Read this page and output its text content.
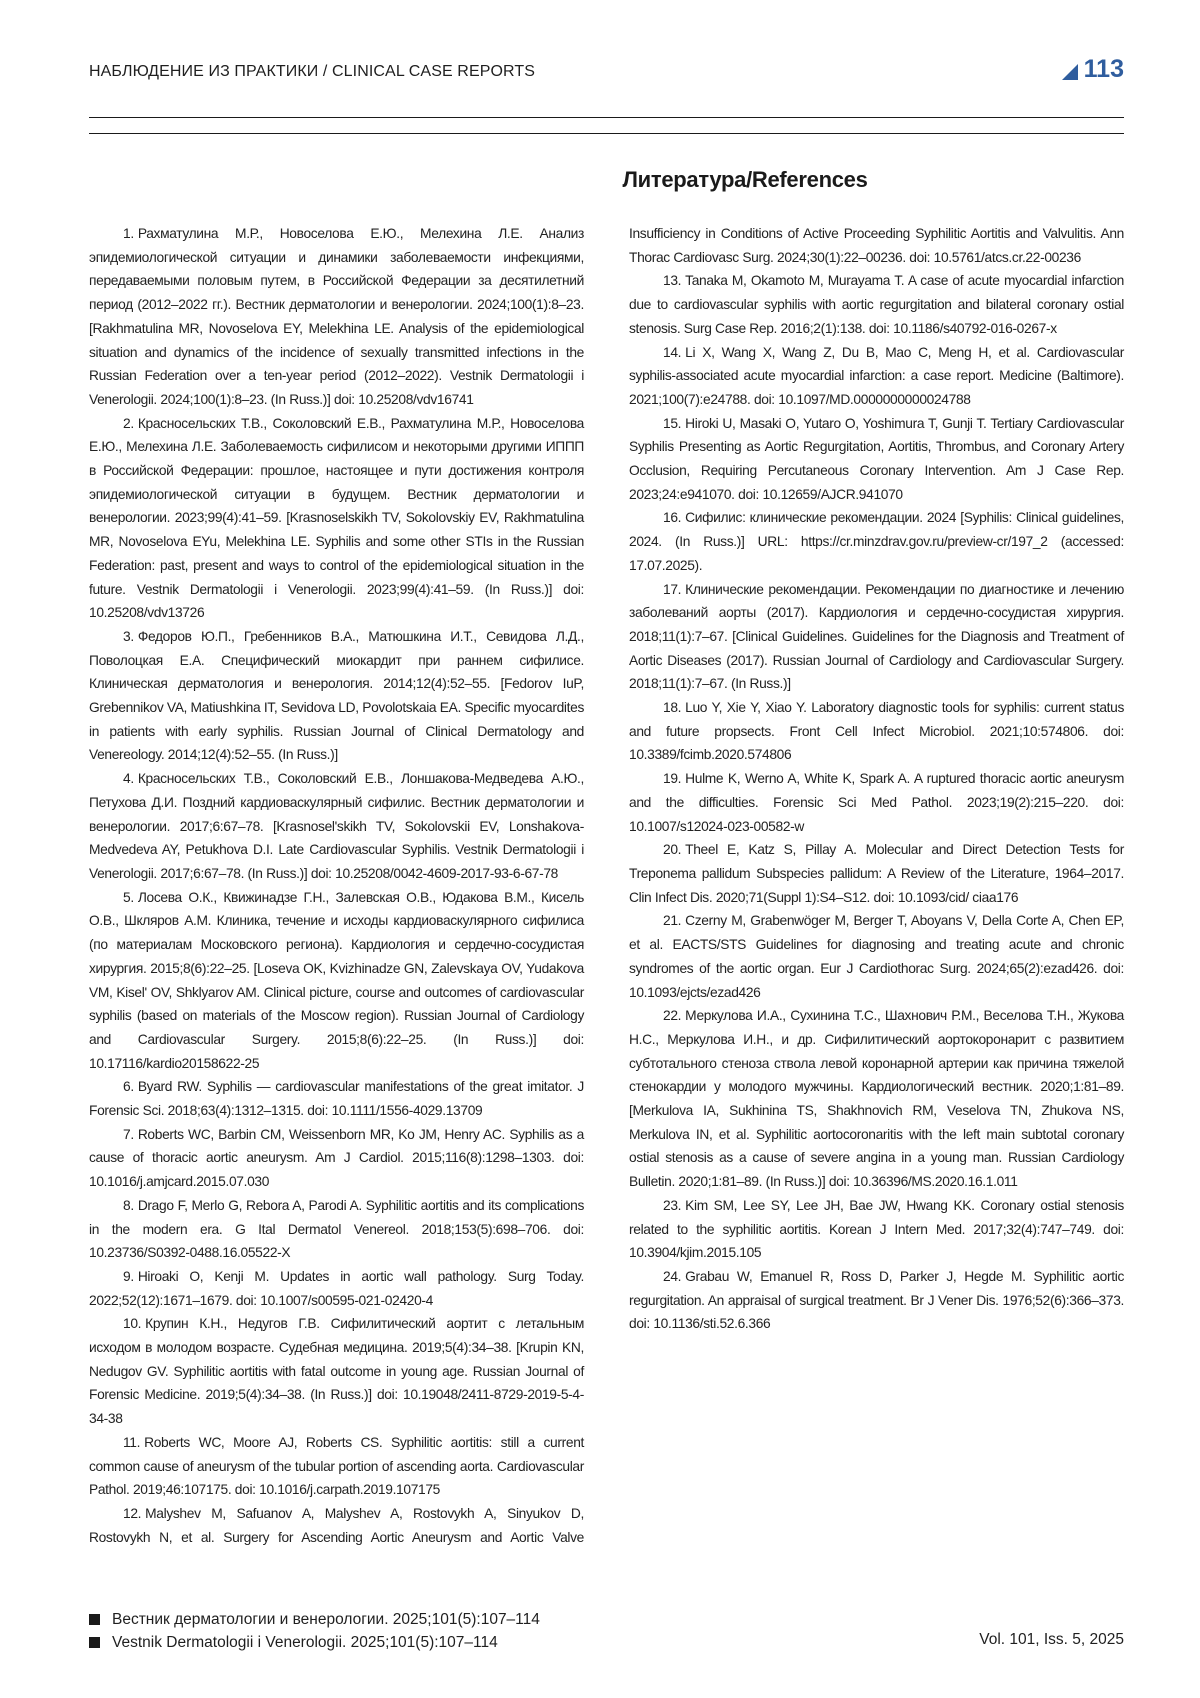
НАБЛЮДЕНИЕ ИЗ ПРАКТИКИ / CLINICAL CASE REPORTS	113
Литература/References

1. Рахматулина М.Р., Новоселова Е.Ю., Мелехина Л.Е. Анализ эпидемиологической ситуации и динамики заболеваемости инфекциями, передаваемыми половым путем, в Российской Федерации за десятилетний период (2012–2022 гг.). Вестник дерматологии и венерологии. 2024;100(1):8–23. [Rakhmatulina MR, Novoselova EY, Melekhina LE. Analysis of the epidemiological situation and dynamics of the incidence of sexually transmitted infections in the Russian Federation over a ten-year period (2012–2022). Vestnik Dermatologii i Venerologii. 2024;100(1):8–23. (In Russ.)] doi: 10.25208/vdv16741

2. Красносельских Т.В., Соколовский Е.В., Рахматулина М.Р., Новоселова Е.Ю., Мелехина Л.Е. Заболеваемость сифилисом и некоторыми другими ИППП в Российской Федерации: прошлое, настоящее и пути достижения контроля эпидемиологической ситуации в будущем. Вестник дерматологии и венерологии. 2023;99(4):41–59. [Krasnoselskikh TV, Sokolovskiy EV, Rakhmatulina MR, Novoselova EYu, Melekhina LE. Syphilis and some other STIs in the Russian Federation: past, present and ways to control of the epidemiological situation in the future. Vestnik Dermatologii i Venerologii. 2023;99(4):41–59. (In Russ.)] doi: 10.25208/vdv13726

3. Федоров Ю.П., Гребенников В.А., Матюшкина И.Т., Севидова Л.Д., Поволоцкая Е.А. Специфический миокардит при раннем сифилисе. Клиническая дерматология и венерология. 2014;12(4):52–55. [Fedorov IuP, Grebennikov VA, Matiushkina IT, Sevidova LD, Povolotskaia EA. Specific myocardites in patients with early syphilis. Russian Journal of Clinical Dermatology and Venereology. 2014;12(4):52–55. (In Russ.)]

4. Красносельских Т.В., Соколовский Е.В., Лоншакова-Медведева А.Ю., Петухова Д.И. Поздний кардиоваскулярный сифилис. Вестник дерматологии и венерологии. 2017;6:67–78. [Krasnosel'skikh TV, Sokolovskii EV, Lonshakova-Medvedeva AY, Petukhova D.I. Late Cardiovascular Syphilis. Vestnik Dermatologii i Venerologii. 2017;6:67–78. (In Russ.)] doi: 10.25208/0042-4609-2017-93-6-67-78

5. Лосева О.К., Квижинадзе Г.Н., Залевская О.В., Юдакова В.М., Кисель О.В., Шкляров А.М. Клиника, течение и исходы кардиоваскулярного сифилиса (по материалам Московского региона). Кардиология и сердечно-сосудистая хирургия. 2015;8(6):22–25. [Loseva OK, Kvizhinadze GN, Zalevskaya OV, Yudakova VM, Kisel' OV, Shklyarov AM. Clinical picture, course and outcomes of cardiovascular syphilis (based on materials of the Moscow region). Russian Journal of Cardiology and Cardiovascular Surgery. 2015;8(6):22–25. (In Russ.)] doi: 10.17116/kardio20158622-25

6. Byard RW. Syphilis — cardiovascular manifestations of the great imitator. J Forensic Sci. 2018;63(4):1312–1315. doi: 10.1111/1556-4029.13709

7. Roberts WC, Barbin CM, Weissenborn MR, Ko JM, Henry AC. Syphilis as a cause of thoracic aortic aneurysm. Am J Cardiol. 2015;116(8):1298–1303. doi: 10.1016/j.amjcard.2015.07.030

8. Drago F, Merlo G, Rebora A, Parodi A. Syphilitic aortitis and its complications in the modern era. G Ital Dermatol Venereol. 2018;153(5):698–706. doi: 10.23736/S0392-0488.16.05522-X

9. Hiroaki O, Kenji M. Updates in aortic wall pathology. Surg Today. 2022;52(12):1671–1679. doi: 10.1007/s00595-021-02420-4

10. Крупин К.Н., Недугов Г.В. Сифилитический аортит с летальным исходом в молодом возрасте. Судебная медицина. 2019;5(4):34–38. [Krupin KN, Nedugov GV. Syphilitic aortitis with fatal outcome in young age. Russian Journal of Forensic Medicine. 2019;5(4):34–38. (In Russ.)] doi: 10.19048/2411-8729-2019-5-4-34-38

11. Roberts WC, Moore AJ, Roberts CS. Syphilitic aortitis: still a current common cause of aneurysm of the tubular portion of ascending aorta. Cardiovascular Pathol. 2019;46:107175. doi: 10.1016/j.carpath.2019.107175

12. Malyshev M, Safuanov A, Malyshev A, Rostovykh A, Sinyukov D, Rostovykh N, et al. Surgery for Ascending Aortic Aneurysm and Aortic Valve Insufficiency in Conditions of Active Proceeding Syphilitic Aortitis and Valvulitis. Ann Thorac Cardiovasc Surg. 2024;30(1):22–00236. doi: 10.5761/atcs.cr.22-00236

13. Tanaka M, Okamoto M, Murayama T. A case of acute myocardial infarction due to cardiovascular syphilis with aortic regurgitation and bilateral coronary ostial stenosis. Surg Case Rep. 2016;2(1):138. doi: 10.1186/s40792-016-0267-x

14. Li X, Wang X, Wang Z, Du B, Mao C, Meng H, et al. Cardiovascular syphilis-associated acute myocardial infarction: a case report. Medicine (Baltimore). 2021;100(7):e24788. doi: 10.1097/MD.0000000000024788

15. Hiroki U, Masaki O, Yutaro O, Yoshimura T, Gunji T. Tertiary Cardiovascular Syphilis Presenting as Aortic Regurgitation, Aortitis, Thrombus, and Coronary Artery Occlusion, Requiring Percutaneous Coronary Intervention. Am J Case Rep. 2023;24:e941070. doi: 10.12659/AJCR.941070

16. Сифилис: клинические рекомендации. 2024 [Syphilis: Clinical guidelines, 2024. (In Russ.)] URL: https://cr.minzdrav.gov.ru/preview-cr/197_2 (accessed: 17.07.2025).

17. Клинические рекомендации. Рекомендации по диагностике и лечению заболеваний аорты (2017). Кардиология и сердечно-сосудистая хирургия. 2018;11(1):7–67. [Clinical Guidelines. Guidelines for the Diagnosis and Treatment of Aortic Diseases (2017). Russian Journal of Cardiology and Cardiovascular Surgery. 2018;11(1):7–67. (In Russ.)]

18. Luo Y, Xie Y, Xiao Y. Laboratory diagnostic tools for syphilis: current status and future propsects. Front Cell Infect Microbiol. 2021;10:574806. doi: 10.3389/fcimb.2020.574806

19. Hulme K, Werno A, White K, Spark A. A ruptured thoracic aortic aneurysm and the difficulties. Forensic Sci Med Pathol. 2023;19(2):215–220. doi: 10.1007/s12024-023-00582-w

20. Theel E, Katz S, Pillay A. Molecular and Direct Detection Tests for Treponema pallidum Subspecies pallidum: A Review of the Literature, 1964–2017. Clin Infect Dis. 2020;71(Suppl 1):S4–S12. doi: 10.1093/cid/ ciaa176

21. Czerny M, Grabenwöger M, Berger T, Aboyans V, Della Corte A, Chen EP, et al. EACTS/STS Guidelines for diagnosing and treating acute and chronic syndromes of the aortic organ. Eur J Cardiothorac Surg. 2024;65(2):ezad426. doi: 10.1093/ejcts/ezad426

22. Меркулова И.А., Сухинина Т.С., Шахнович Р.М., Веселова Т.Н., Жукова Н.С., Меркулова И.Н., и др. Сифилитический аортокоронарит с развитием субтотального стеноза ствола левой коронарной артерии как причина тяжелой стенокардии у молодого мужчины. Кардиологический вестник. 2020;1:81–89. [Merkulova IA, Sukhinina TS, Shakhnovich RM, Veselova TN, Zhukova NS, Merkulova IN, et al. Syphilitic aortocoronaritis with the left main subtotal coronary ostial stenosis as a cause of severe angina in a young man. Russian Cardiology Bulletin. 2020;1:81–89. (In Russ.)] doi: 10.36396/MS.2020.16.1.011

23. Kim SM, Lee SY, Lee JH, Bae JW, Hwang KK. Coronary ostial stenosis related to the syphilitic aortitis. Korean J Intern Med. 2017;32(4):747–749. doi: 10.3904/kjim.2015.105

24. Grabau W, Emanuel R, Ross D, Parker J, Hegde M. Syphilitic aortic regurgitation. An appraisal of surgical treatment. Br J Vener Dis. 1976;52(6):366–373. doi: 10.1136/sti.52.6.366

Вестник дерматологии и венерологии. 2025;101(5):107–114
Vestnik Dermatologii i Venerologii. 2025;101(5):107–114	Vol. 101, Iss. 5, 2025
